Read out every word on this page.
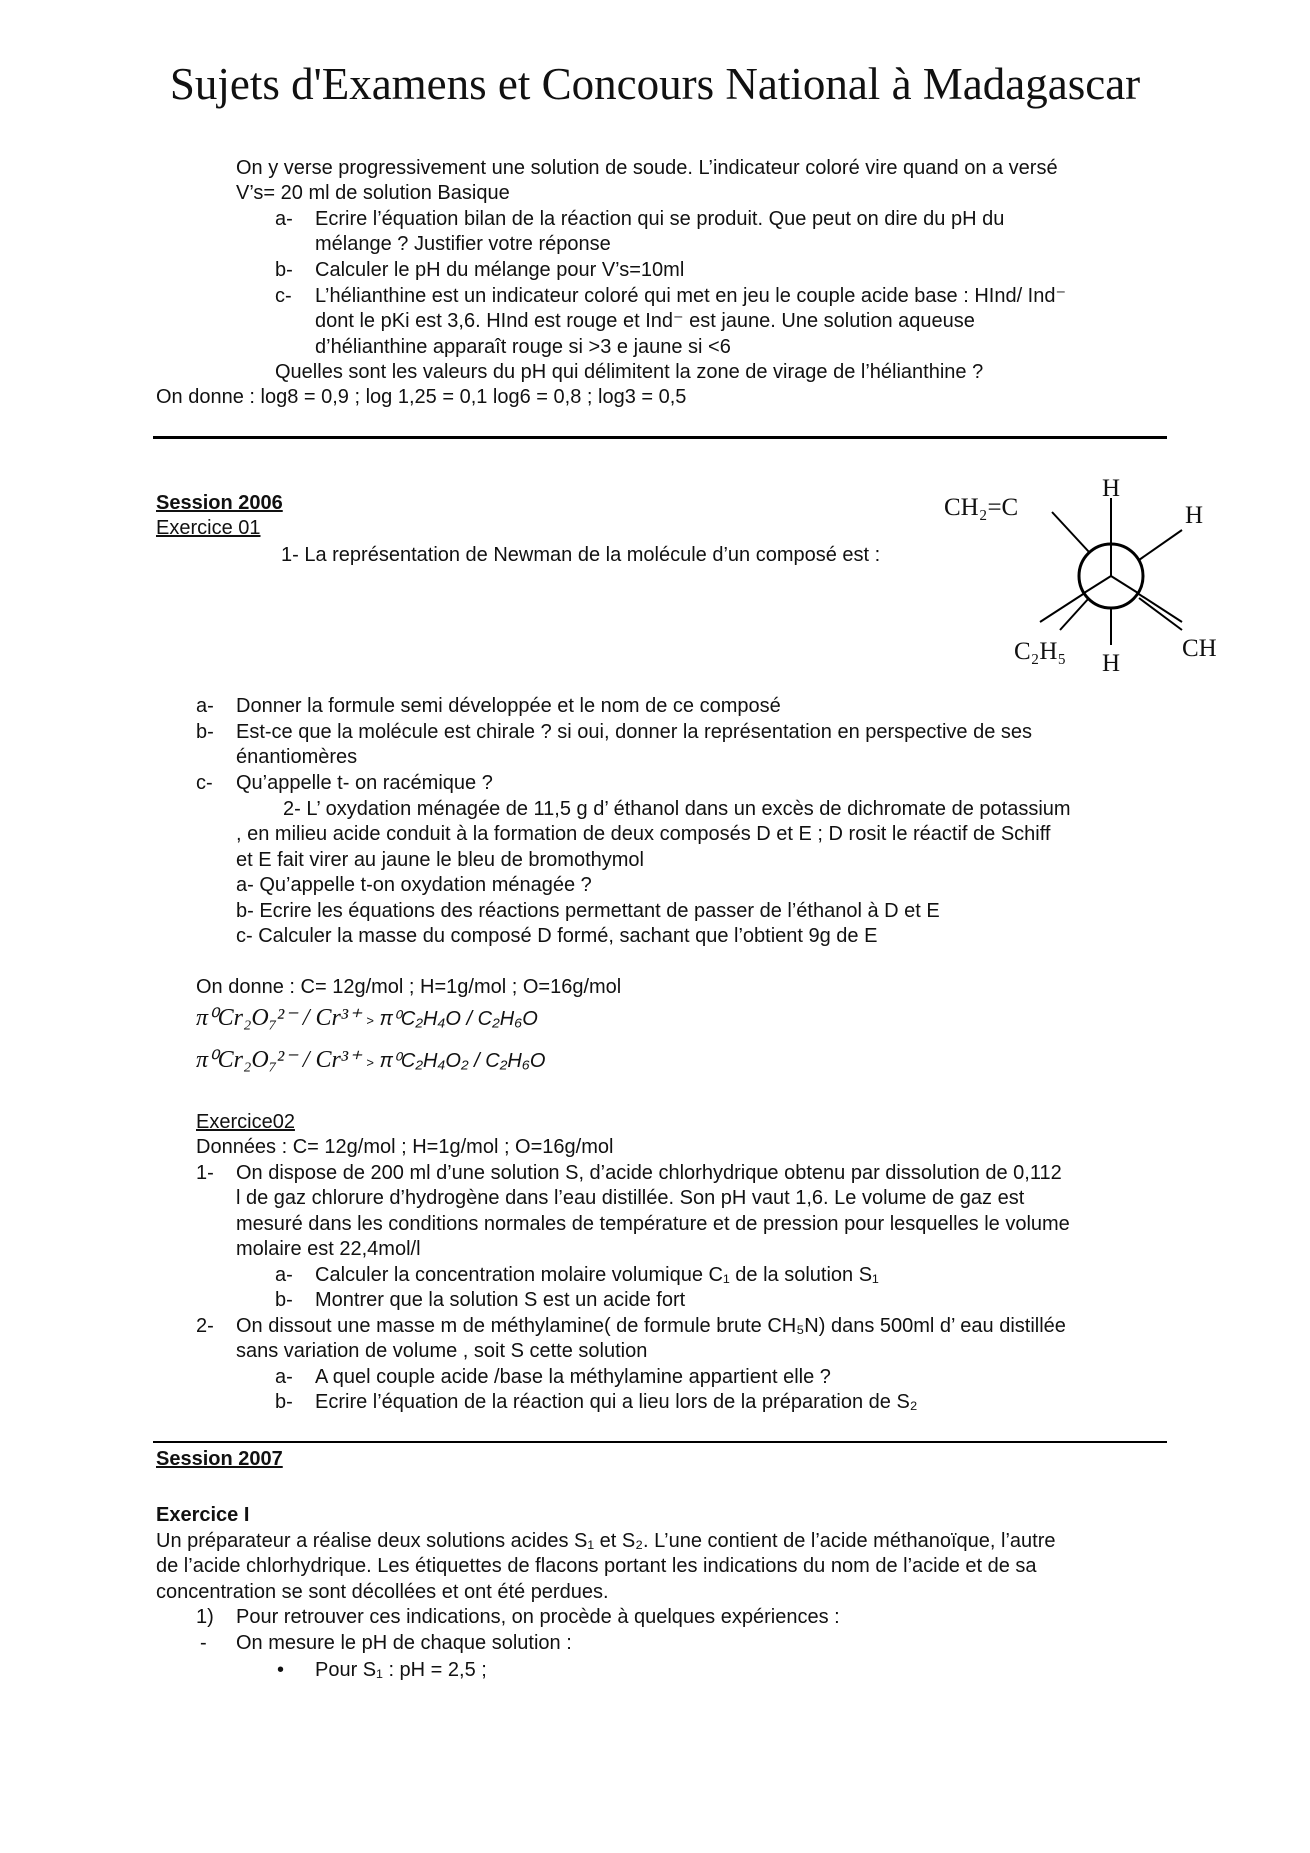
Sujets d'Examens et Concours National à Madagascar
On y verse progressivement une solution de soude. L’indicateur coloré vire quand on a versé
V’s= 20 ml de solution Basique
a- Ecrire l’équation bilan de la réaction qui se produit. Que peut on dire du pH du
mélange ? Justifier votre réponse
b- Calculer le pH du mélange pour V’s=10ml
c- L’hélianthine est un indicateur coloré qui met en jeu le couple acide base : HInd/ Ind⁻
dont le pKi est 3,6. HInd est rouge et Ind⁻ est jaune. Une solution aqueuse
d’hélianthine apparaît rouge si >3 e jaune si <6
Quelles sont les valeurs du pH qui délimitent la zone de virage de l’hélianthine ?
On donne : log8 = 0,9 ; log 1,25 = 0,1 log6 = 0,8 ; log3 = 0,5
Session 2006
Exercice 01
1- La représentation de Newman de la molécule d’un composé est :
CH₂=C
H
H
C₂H₅ H
CH
a- Donner la formule semi développée et le nom de ce composé
b- Est-ce que la molécule est chirale ? si oui, donner la représentation en perspective de ses
énantiomères
c- Qu’appelle t- on racémique ?
2- L’ oxydation ménagée de 11,5 g d’ éthanol dans un excès de dichromate de potassium
, en milieu acide conduit à la formation de deux composés D et E ; D rosit le réactif de Schiff
et E fait virer au jaune le bleu de bromothymol
a- Qu’appelle t-on oxydation ménagée ?
b- Ecrire les équations des réactions permettant de passer de l’éthanol à D et E
c- Calculer la masse du composé D formé, sachant que l’obtient 9g de E
On donne : C= 12g/mol ; H=1g/mol ; O=16g/mol
π⁰Cr₂O₇²⁻ / Cr³⁺ > π⁰C₂H₄O / C₂H₆O
π⁰Cr₂O₇²⁻ / Cr³⁺ > π⁰C₂H₄O₂ / C₂H₆O
Exercice02
Données : C= 12g/mol ; H=1g/mol ; O=16g/mol
1- On dispose de 200 ml d’une solution S, d’acide chlorhydrique obtenu par dissolution de 0,112
l de gaz chlorure d’hydrogène dans l’eau distillée. Son pH vaut 1,6. Le volume de gaz est
mesuré dans les conditions normales de température et de pression pour lesquelles le volume
molaire est 22,4mol/l
a- Calculer la concentration molaire volumique C₁ de la solution S₁
b- Montrer que la solution S est un acide fort
2- On dissout une masse m de méthylamine( de formule brute CH₅N) dans 500ml d’ eau distillée
sans variation de volume , soit S cette solution
a- A quel couple acide /base la méthylamine appartient elle ?
b- Ecrire l’équation de la réaction qui a lieu lors de la préparation de S₂
Session 2007
Exercice I
Un préparateur a réalise deux solutions acides S₁ et S₂. L’une contient de l’acide méthanoïque, l’autre
de l’acide chlorhydrique. Les étiquettes de flacons portant les indications du nom de l’acide et de sa
concentration se sont décollées et ont été perdues.
1) Pour retrouver ces indications, on procède à quelques expériences :
- On mesure le pH de chaque solution :
• Pour S₁ : pH = 2,5 ;
